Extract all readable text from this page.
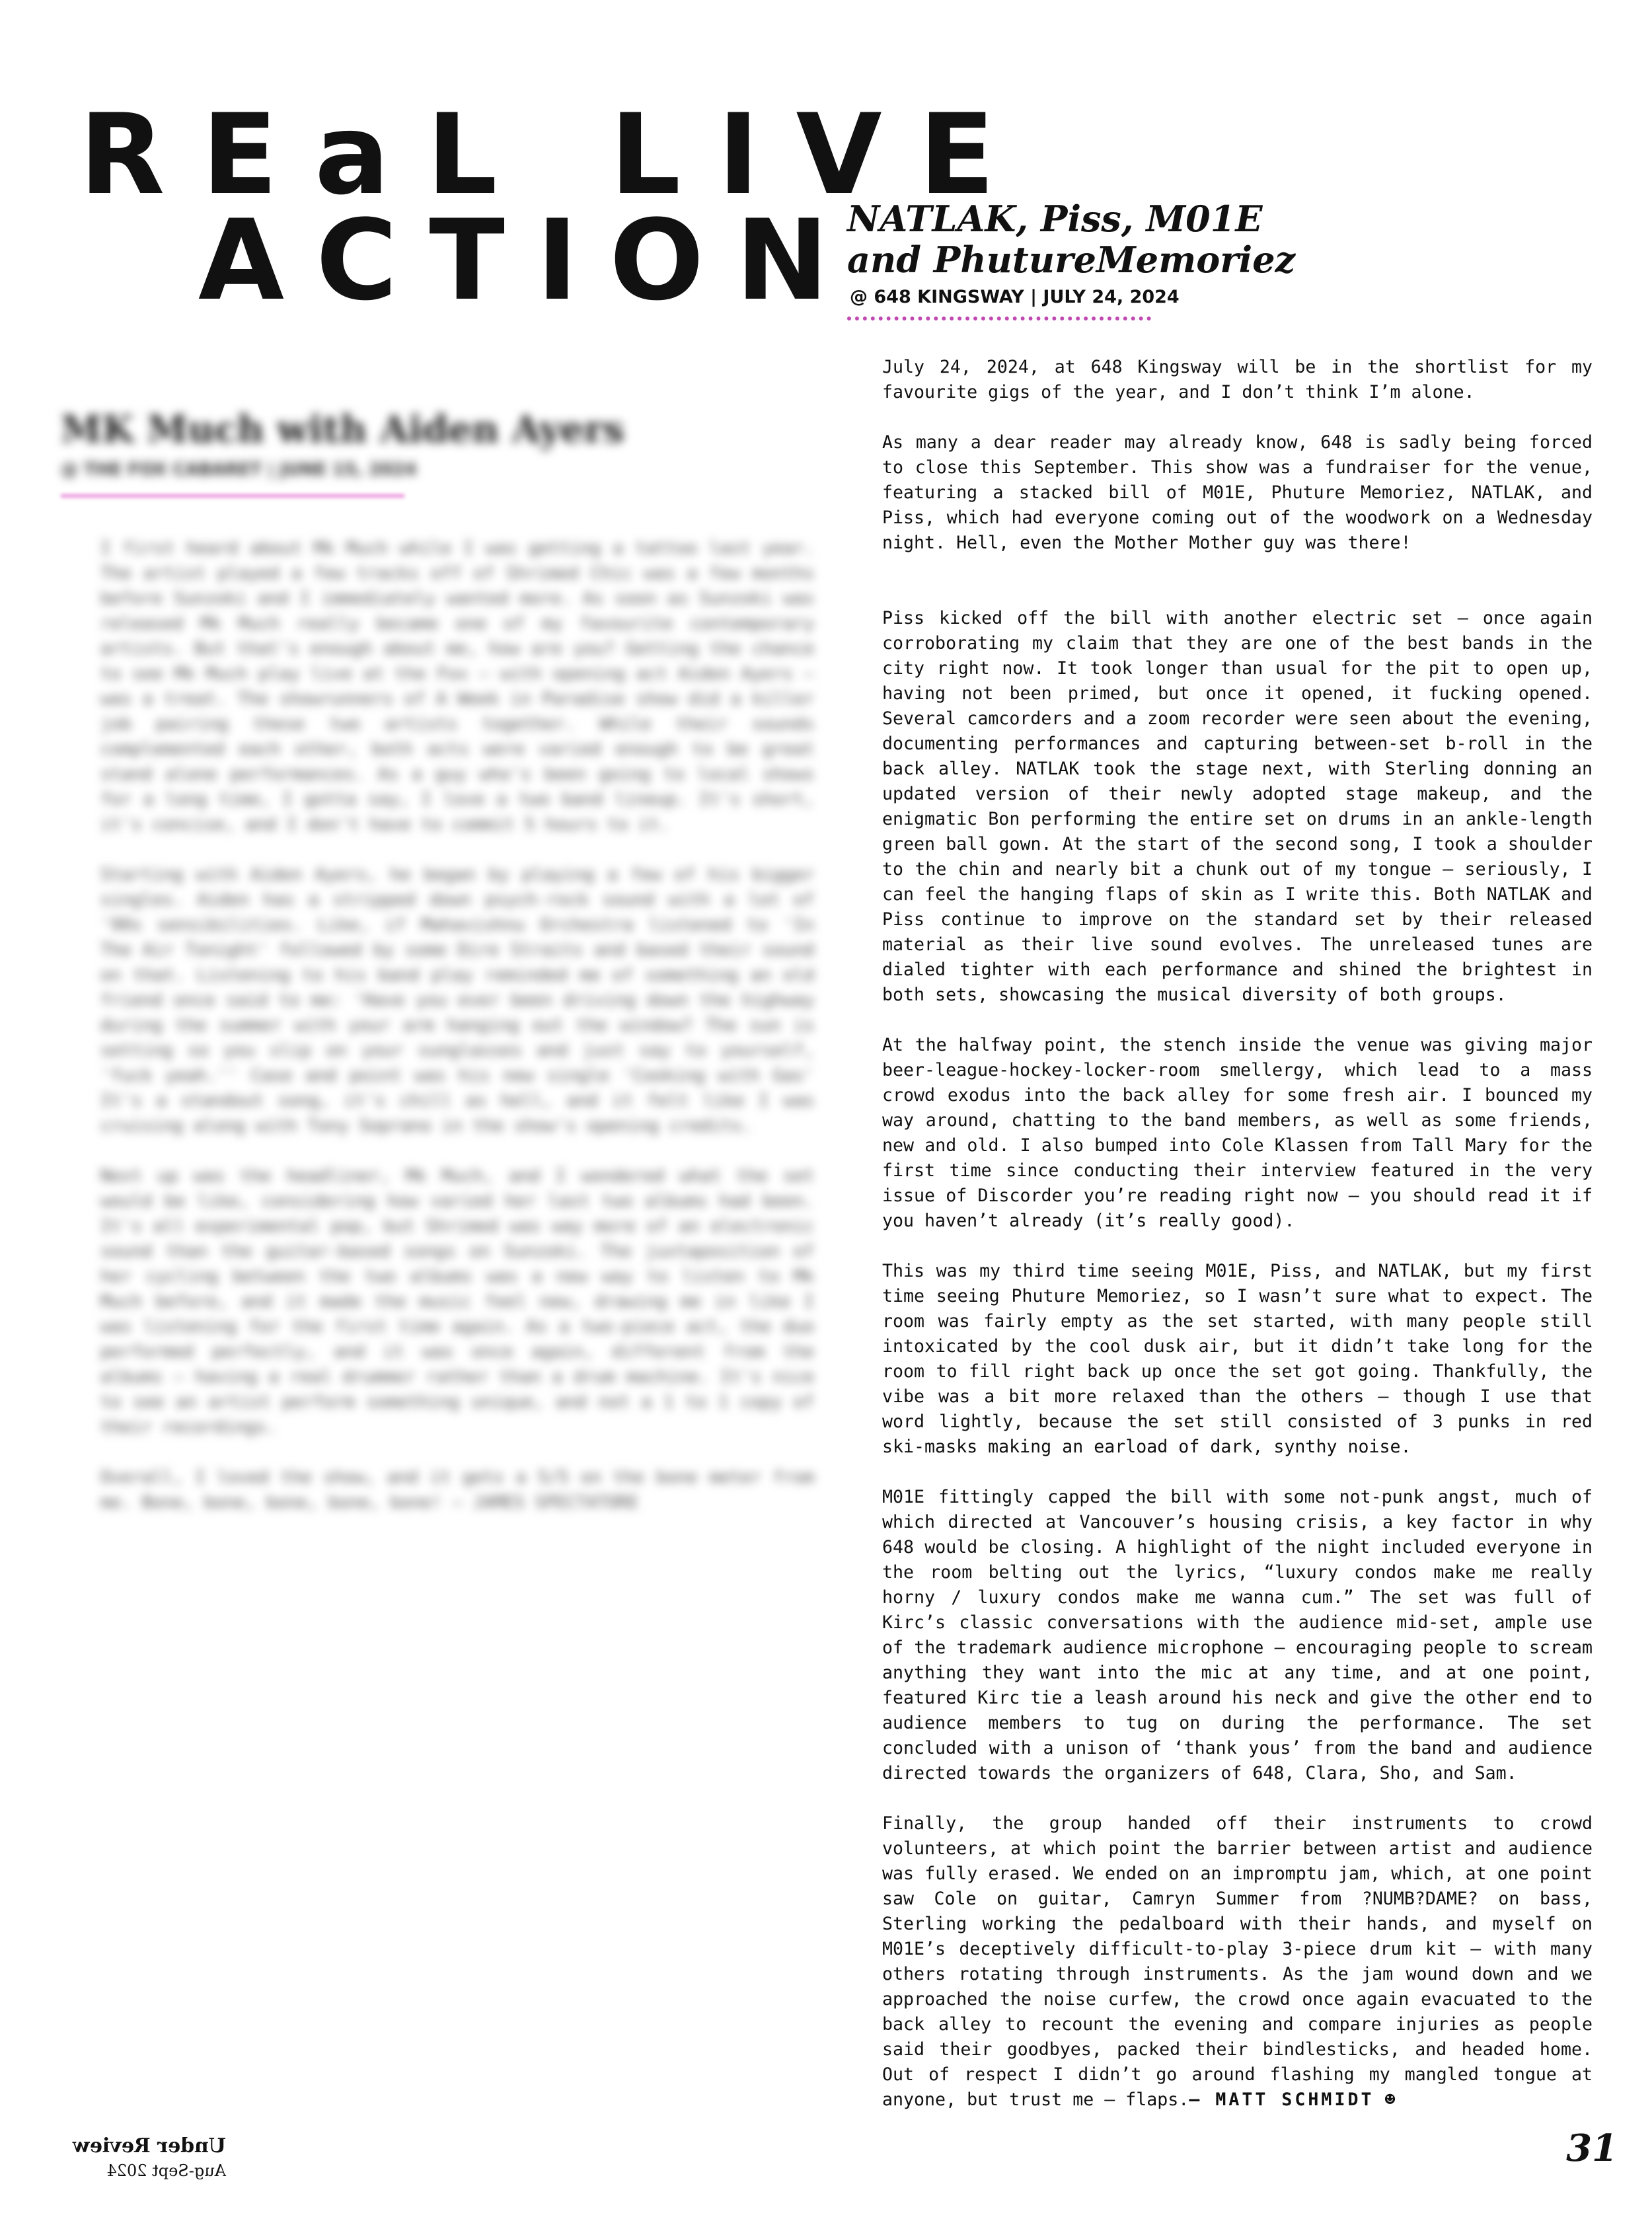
REaL LIVE
ACTION
MK Much with Aiden Ayers
@ THE FOX CABARET | JUNE 15, 2024

I first heard about Mk Much while I was getting a tattoo last year. The artist played a few tracks off of Shrimed Chic was a few months before Sunzoki and I immediately wanted more. As soon as Sunzoki was released Mk Much really became one of my favourite contemporary artists. But that's enough about me, how are you? Getting the chance to see Mk Much play live at the Fox — with opening act Aiden Ayers — was a treat. The showrunners of A Week in Paradise show did a killer job pairing these two artists together. While their sounds complemented each other, both acts were varied enough to be great stand alone performances. As a guy who's been going to local shows for a long time, I gotta say, I love a two band lineup. It's short, it's concise, and I don't have to commit 5 hours to it.

Starting with Aiden Ayers, he began by playing a few of his bigger singles. Aiden has a stripped down psych-rock sound with a lot of '90s sensibilities. Like, if Mahavishnu Orchestra listened to 'In The Air Tonight' followed by some Dire Straits and based their sound on that. Listening to his band play reminded me of something an old friend once said to me: 'Have you ever been driving down the highway during the summer with your arm hanging out the window? The sun is setting so you slip on your sunglasses and just say to yourself, 'fuck yeah.'' Case and point was his new single 'Cooking with Gas' It's a standout song, it's chill as hell, and it felt like I was cruising along with Tony Soprano in the show's opening credits.

Next up was the headliner, Mk Much, and I wondered what the set would be like, considering how varied her last two albums had been. It's all experimental pop, but Shrimed was way more of an electronic sound than the guitar-based songs on Sunzoki. The juxtaposition of her cycling between the two albums was a new way to listen to Mk Much before, and it made the music feel new, drawing me in like I was listening for the first time again. As a two-piece act, the duo performed perfectly, and it was once again, different from the albums — having a real drummer rather than a drum machine. It's nice to see an artist perform something unique, and not a 1 to 1 copy of their recordings.

Overall, I loved the show, and it gets a 5/5 on the bone meter from me. Bone, bone, bone, bone, bone! — JAMES SPECTATORE

NATLAK, Piss, M01E
and PhutureMemoriez
@ 648 KINGSWAY | JULY 24, 2024

July 24, 2024, at 648 Kingsway will be in the shortlist for my favourite gigs of the year, and I don’t think I’m alone.

As many a dear reader may already know, 648 is sadly being forced to close this September. This show was a fundraiser for the venue, featuring a stacked bill of M01E, Phuture Memoriez, NATLAK, and Piss, which had everyone coming out of the woodwork on a Wednesday night. Hell, even the Mother Mother guy was there!

Piss kicked off the bill with another electric set — once again corroborating my claim that they are one of the best bands in the city right now. It took longer than usual for the pit to open up, having not been primed, but once it opened, it fucking opened. Several camcorders and a zoom recorder were seen about the evening, documenting performances and capturing between-set b-roll in the back alley. NATLAK took the stage next, with Sterling donning an updated version of their newly adopted stage makeup, and the enigmatic Bon performing the entire set on drums in an ankle-length green ball gown. At the start of the second song, I took a shoulder to the chin and nearly bit a chunk out of my tongue — seriously, I can feel the hanging flaps of skin as I write this. Both NATLAK and Piss continue to improve on the standard set by their released material as their live sound evolves. The unreleased tunes are dialed tighter with each performance and shined the brightest in both sets, showcasing the musical diversity of both groups.

At the halfway point, the stench inside the venue was giving major beer-league-hockey-locker-room smellergy, which lead to a mass crowd exodus into the back alley for some fresh air. I bounced my way around, chatting to the band members, as well as some friends, new and old. I also bumped into Cole Klassen from Tall Mary for the first time since conducting their interview featured in the very issue of Discorder you’re reading right now — you should read it if you haven’t already (it’s really good).

This was my third time seeing M01E, Piss, and NATLAK, but my first time seeing Phuture Memoriez, so I wasn’t sure what to expect. The room was fairly empty as the set started, with many people still intoxicated by the cool dusk air, but it didn’t take long for the room to fill right back up once the set got going. Thankfully, the vibe was a bit more relaxed than the others — though I use that word lightly, because the set still consisted of 3 punks in red ski-masks making an earload of dark, synthy noise.

M01E fittingly capped the bill with some not-punk angst, much of which directed at Vancouver’s housing crisis, a key factor in why 648 would be closing. A highlight of the night included everyone in the room belting out the lyrics, “luxury condos make me really horny / luxury condos make me wanna cum.” The set was full of Kirc’s classic conversations with the audience mid-set, ample use of the trademark audience microphone — encouraging people to scream anything they want into the mic at any time, and at one point, featured Kirc tie a leash around his neck and give the other end to audience members to tug on during the performance. The set concluded with a unison of ‘thank yous’ from the band and audience directed towards the organizers of 648, Clara, Sho, and Sam.

Finally, the group handed off their instruments to crowd volunteers, at which point the barrier between artist and audience was fully erased. We ended on an impromptu jam, which, at one point saw Cole on guitar, Camryn Summer from ?NUMB?DAME? on bass, Sterling working the pedalboard with their hands, and myself on M01E’s deceptively difficult-to-play 3-piece drum kit — with many others rotating through instruments. As the jam wound down and we approached the noise curfew, the crowd once again evacuated to the back alley to recount the evening and compare injuries as people said their goodbyes, packed their bindlesticks, and headed home. Out of respect I didn’t go around flashing my mangled tongue at anyone, but trust me — flaps.— MATT SCHMIDT ☻

Under Review
Aug-Sept 2024
31
